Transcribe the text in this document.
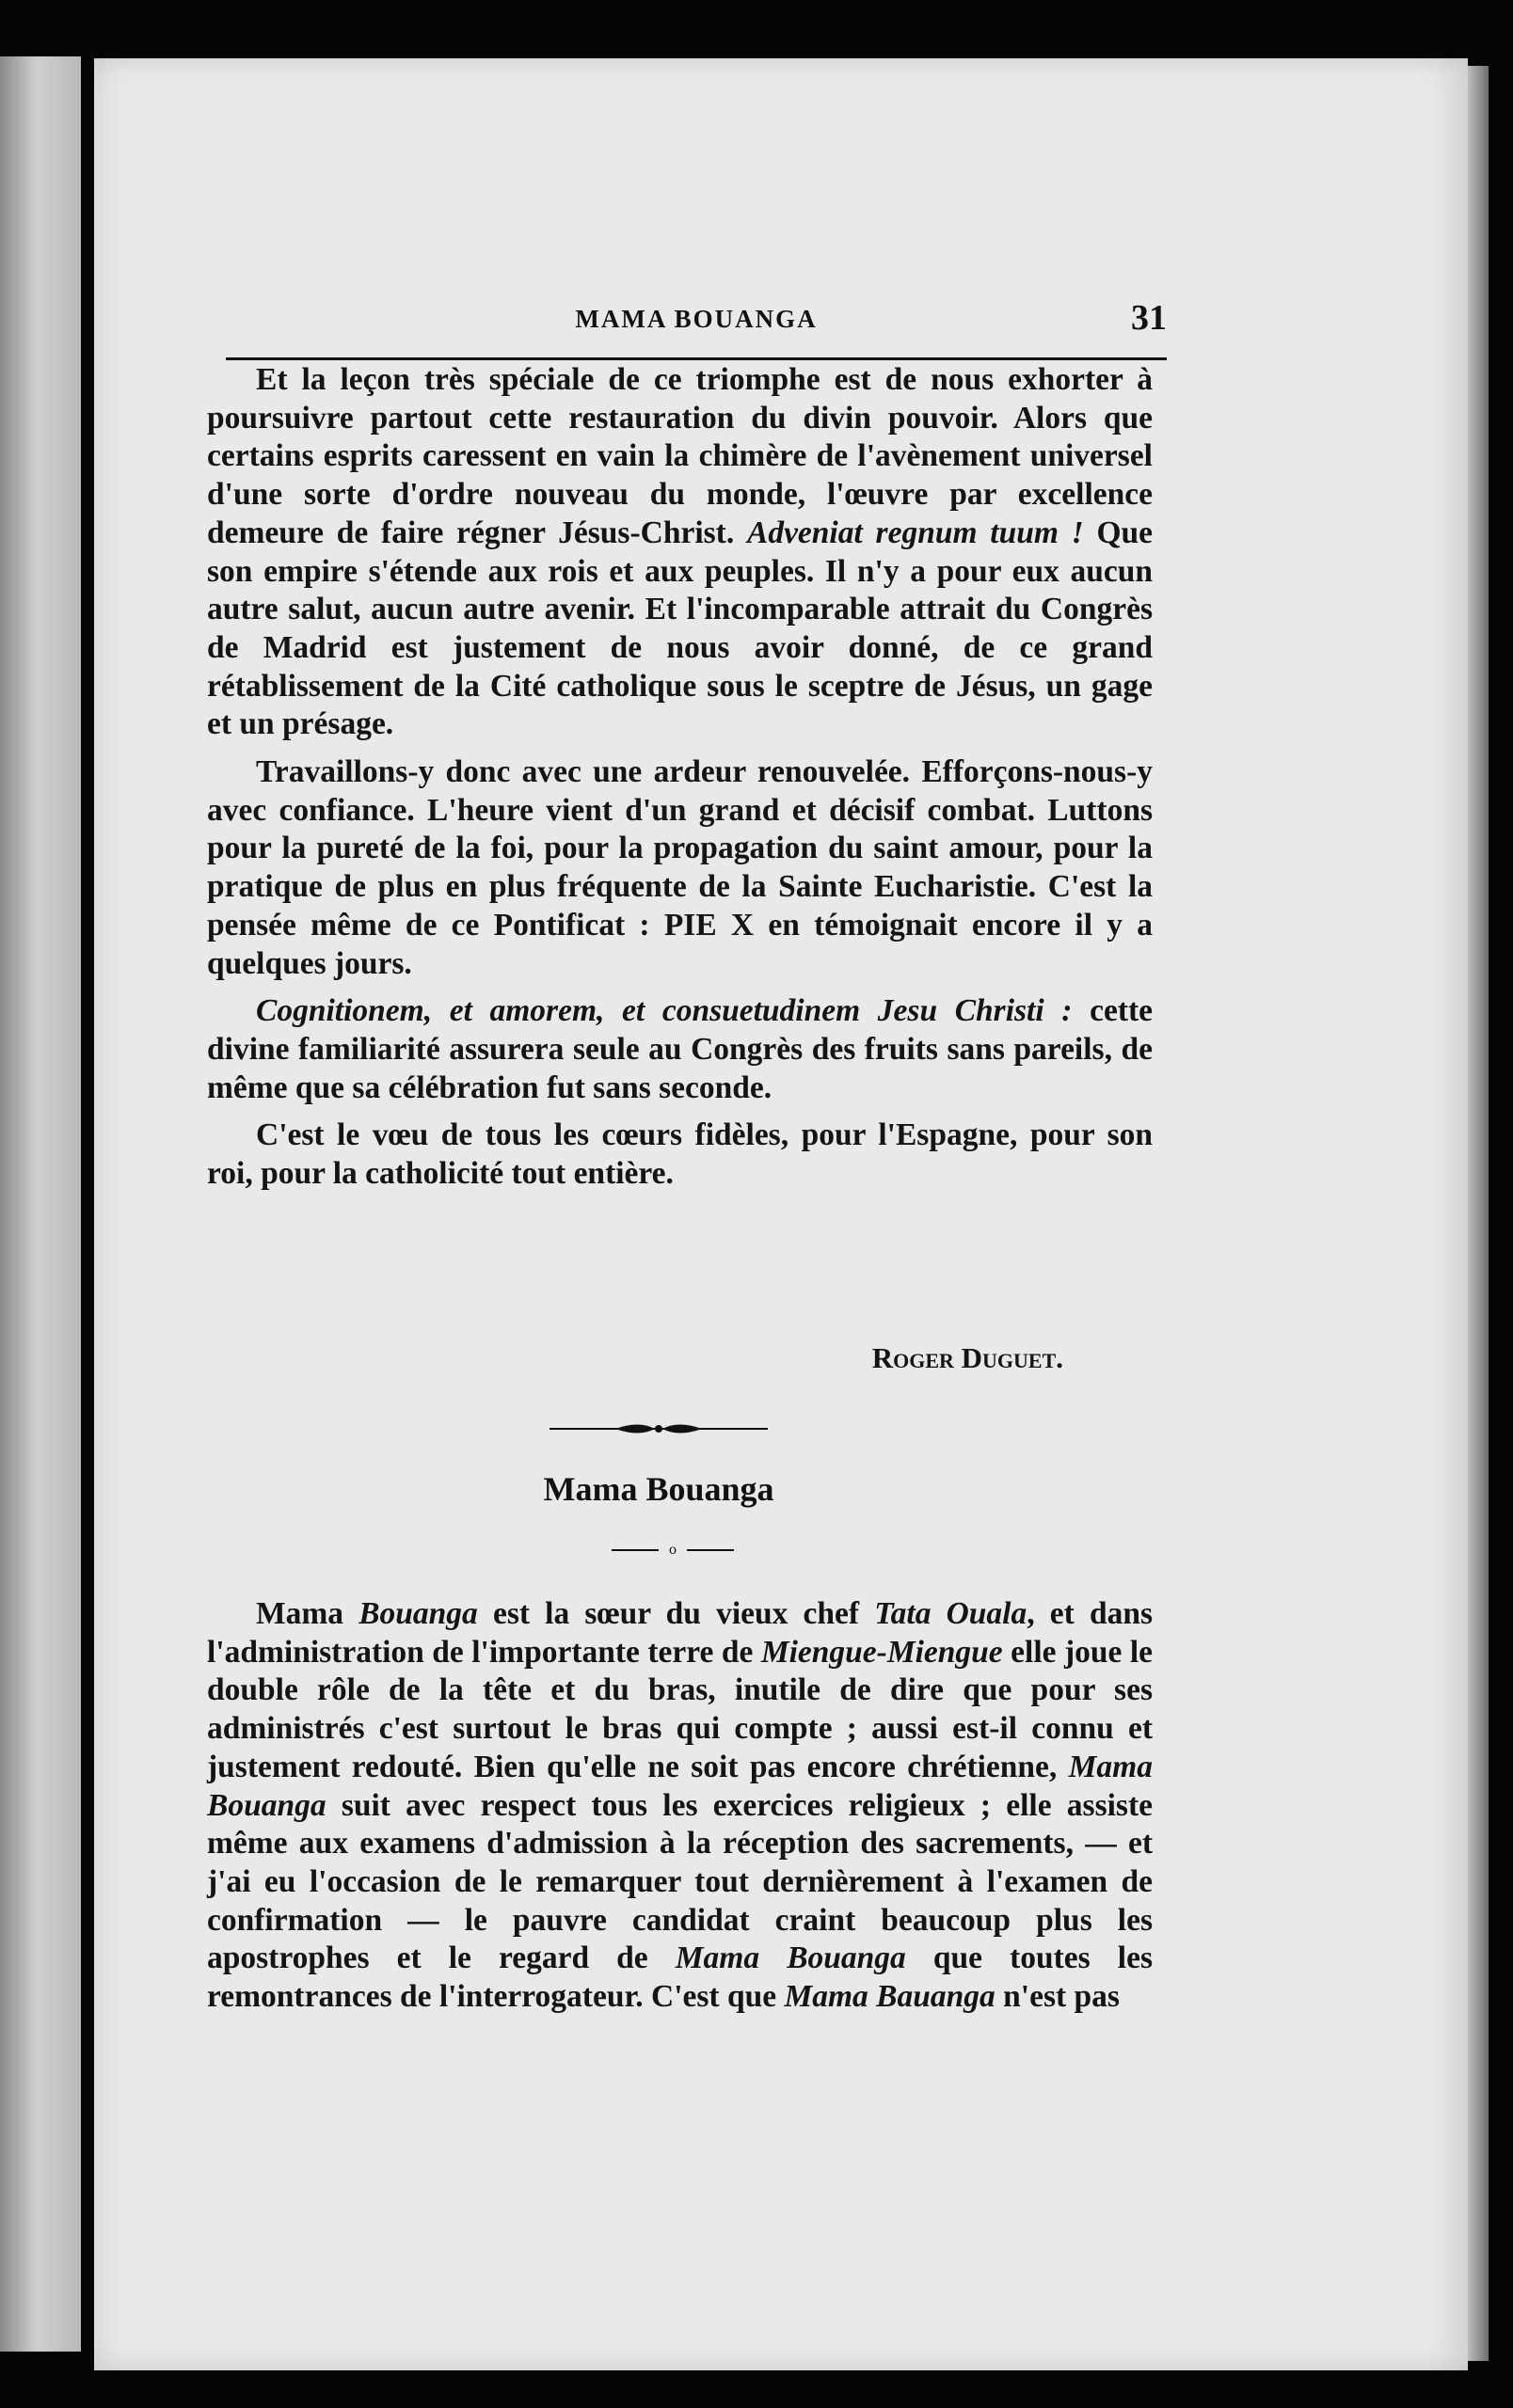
MAMA BOUANGA	31

Et la leçon très spéciale de ce triomphe est de nous exhorter à poursuivre partout cette restauration du divin pouvoir. Alors que certains esprits caressent en vain la chimère de l'avènement universel d'une sorte d'ordre nouveau du monde, l'œuvre par excellence demeure de faire régner Jésus-Christ. Adveniat regnum tuum ! Que son empire s'étende aux rois et aux peuples. Il n'y a pour eux aucun autre salut, aucun autre avenir. Et l'incomparable attrait du Congrès de Madrid est justement de nous avoir donné, de ce grand rétablissement de la Cité catholique sous le sceptre de Jésus, un gage et un présage.

Travaillons-y donc avec une ardeur renouvelée. Efforçons-nous-y avec confiance. L'heure vient d'un grand et décisif combat. Luttons pour la pureté de la foi, pour la propagation du saint amour, pour la pratique de plus en plus fréquente de la Sainte Eucharistie. C'est la pensée même de ce Pontificat : PIE X en témoignait encore il y a quelques jours.

Cognitionem, et amorem, et consuetudinem Jesu Christi : cette divine familiarité assurera seule au Congrès des fruits sans pareils, de même que sa célébration fut sans seconde.

C'est le vœu de tous les cœurs fidèles, pour l'Espagne, pour son roi, pour la catholicité tout entière.

Roger Duguet.
Mama Bouanga
o

Mama Bouanga est la sœur du vieux chef Tata Ouala, et dans l'administration de l'importante terre de Miengue-Miengue elle joue le double rôle de la tête et du bras, inutile de dire que pour ses administrés c'est surtout le bras qui compte ; aussi est-il connu et justement redouté. Bien qu'elle ne soit pas encore chrétienne, Mama Bouanga suit avec respect tous les exercices religieux ; elle assiste même aux examens d'admission à la réception des sacrements, — et j'ai eu l'occasion de le remarquer tout dernièrement à l'examen de confirmation — le pauvre candidat craint beaucoup plus les apostrophes et le regard de Mama Bouanga que toutes les remontrances de l'interrogateur. C'est que Mama Bauanga n'est pas
